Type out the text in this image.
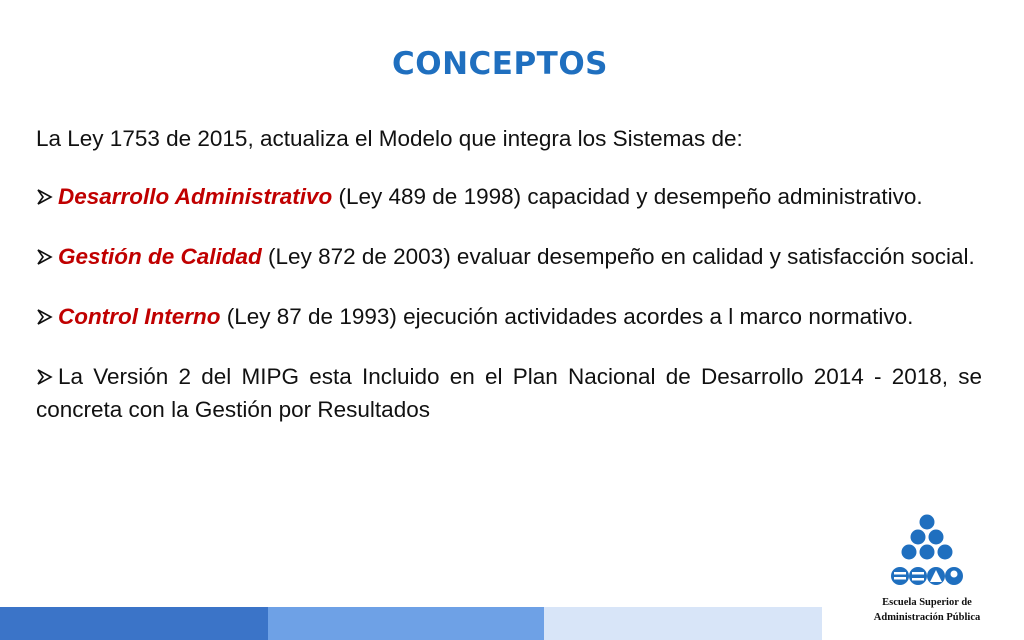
CONCEPTOS

La Ley 1753 de 2015, actualiza el Modelo que integra los Sistemas de:

Desarrollo Administrativo (Ley 489 de 1998) capacidad y desempeño administrativo.

Gestión de Calidad (Ley 872 de 2003) evaluar desempeño en calidad y satisfacción social.

Control Interno (Ley 87 de 1993) ejecución actividades acordes a l marco normativo.

La Versión 2 del MIPG esta Incluido en el Plan Nacional de Desarrollo 2014 - 2018, se concreta con la Gestión por Resultados

Escuela Superior de
Administración Pública
